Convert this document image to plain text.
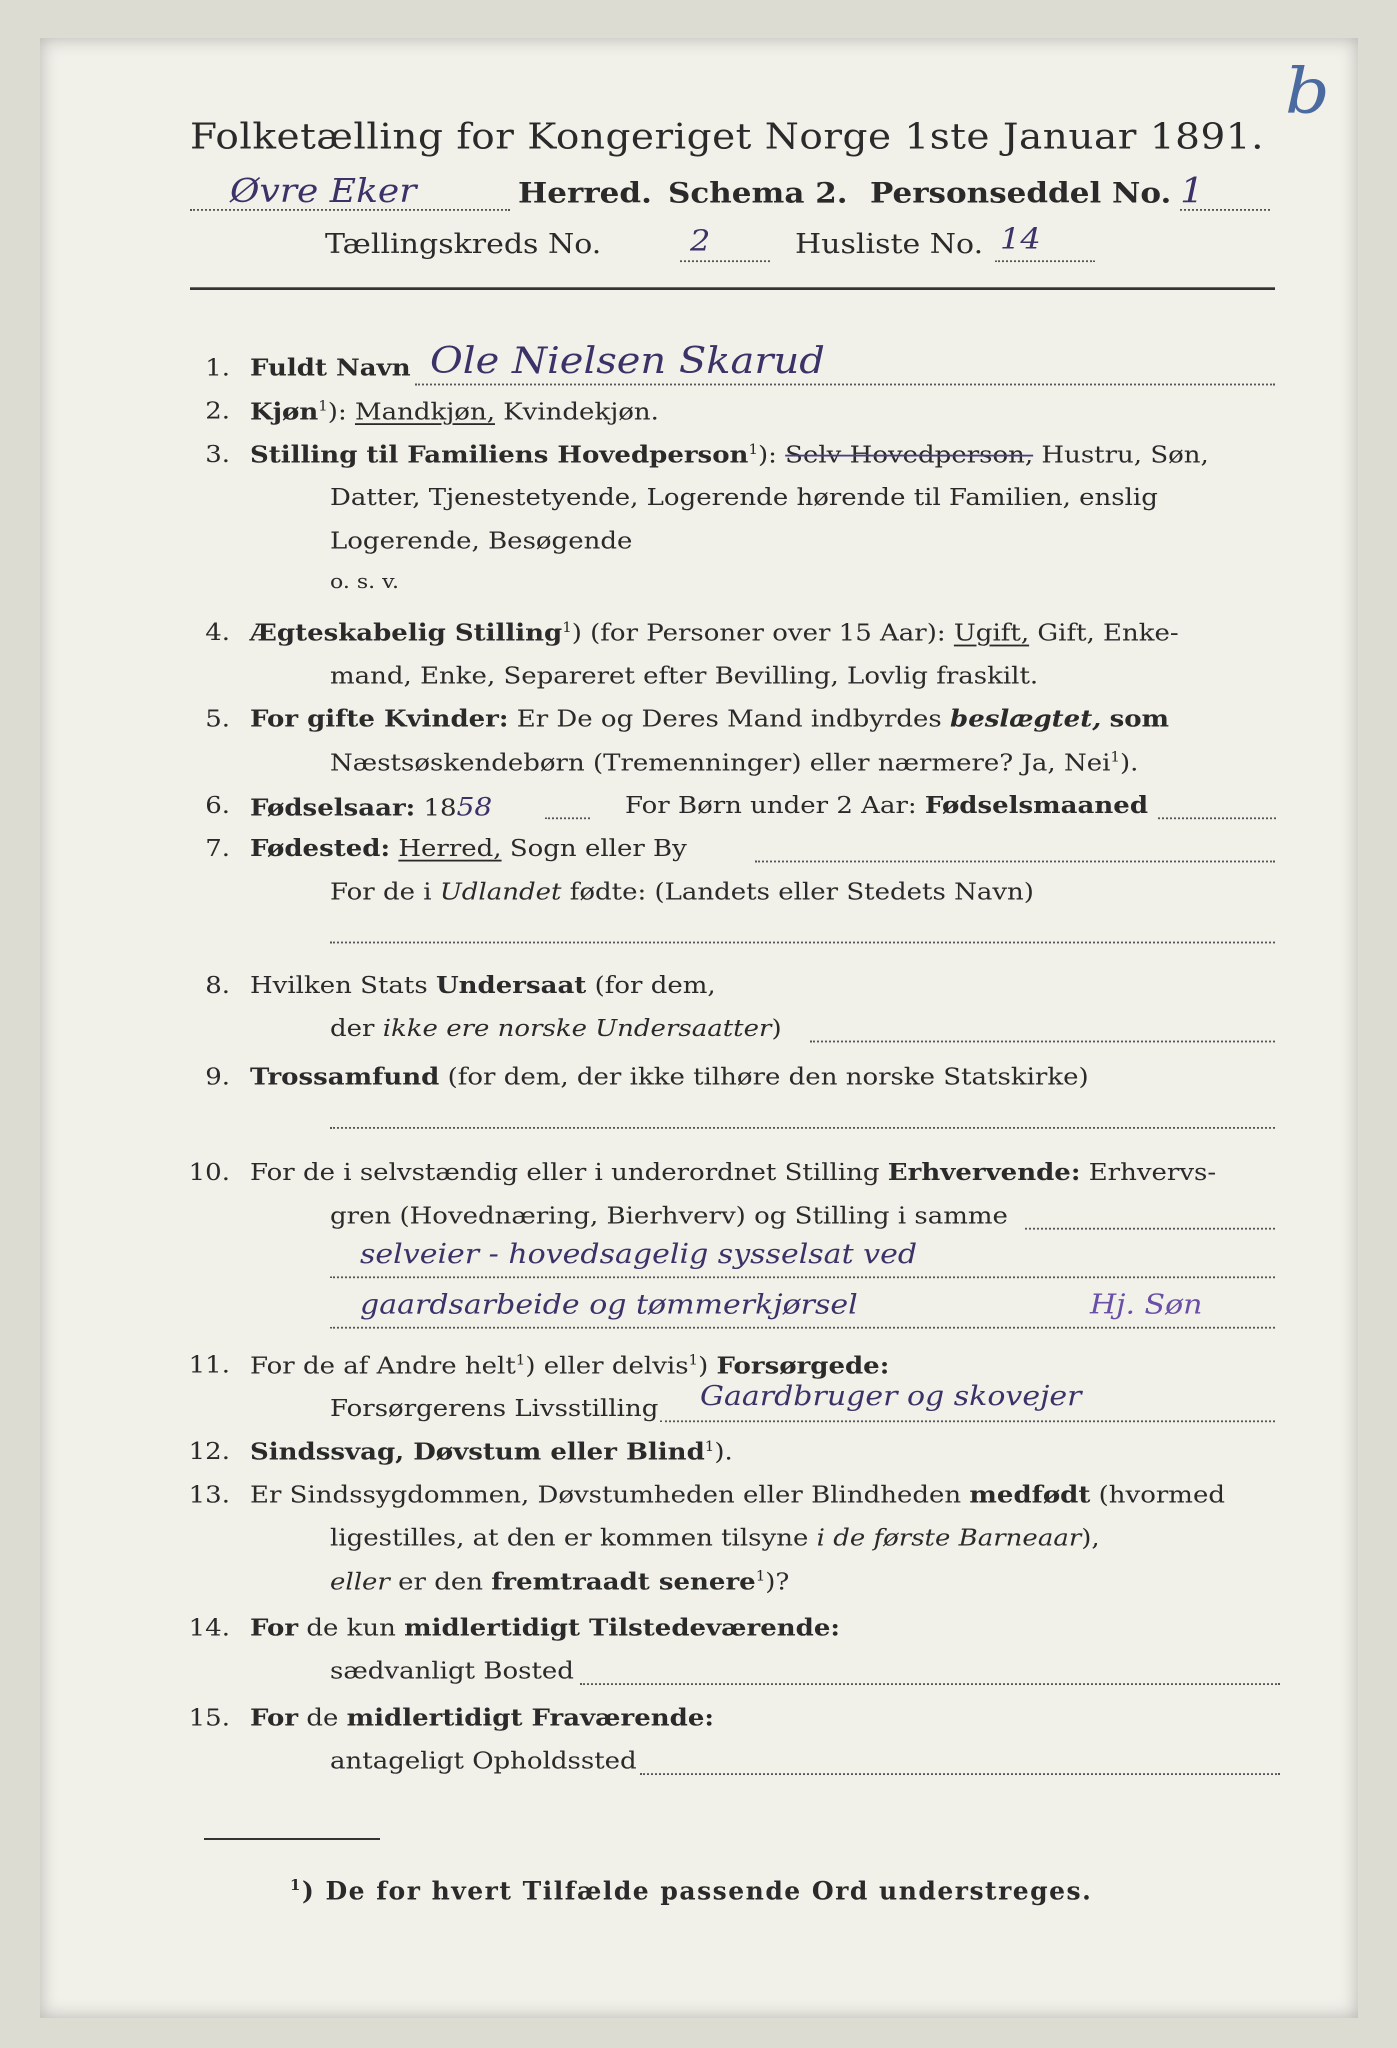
b
Folketælling for Kongeriget Norge 1ste Januar 1891.
Øvre Eker	Herred. Schema 2. Personseddel No. 1
Tællingskreds No.	2	Husliste No. 14
1. Fuldt Navn Ole Nielsen Skarud
2. Kjøn$^1$): Mandkjøn, Kvindekjøn.
3. Stilling til Familiens Hovedperson$^1$): Selv Hovedperson, Hustru, Søn,
Datter, Tjenestetyende, Logerende hørende til Familien, enslig
Logerende, Besøgende
o. s. v.
4. Ægteskabelig Stilling$^1$) (for Personer over 15 Aar): Ugift, Gift, Enke-
mand, Enke, Separeret efter Bevilling, Lovlig fraskilt.
5. For gifte Kvinder: Er De og Deres Mand indbyrdes beslægtet, som
Næstsøskendebørn (Tremenninger) eller nærmere? Ja, Nei$^1$).
6. Fødselsaar: 1858	For Børn under 2 Aar: Fødselsmaaned
7. Fødested: Herred, Sogn eller By
For de i Udlandet fødte: (Landets eller Stedets Navn)
8. Hvilken Stats Undersaat (for dem,
der ikke ere norske Undersaatter)
9. Trossamfund (for dem, der ikke tilhøre den norske Statskirke)
10. For de i selvstændig eller i underordnet Stilling Erhvervende: Erhvervs-
gren (Hovednæring, Bierhverv) og Stilling i samme
selveier - hovedsagelig sysselsat ved
gaardsarbeide og tømmerkjørsel	Hj. Søn
11. For de af Andre helt$^1$) eller delvis$^1$) Forsørgede:
Forsørgerens Livsstilling Gaardbruger og skovejer
12. Sindssvag, Døvstum eller Blind$^1$).
13. Er Sindssygdommen, Døvstumheden eller Blindheden medfødt (hvormed
ligestilles, at den er kommen tilsyne i de første Barneaar),
eller er den fremtraadt senere$^1$)?
14. For de kun midlertidigt Tilstedeværende:
sædvanligt Bosted
15. For de midlertidigt Fraværende:
antageligt Opholdssted
$^1$) De for hvert Tilfælde passende Ord understreges.
